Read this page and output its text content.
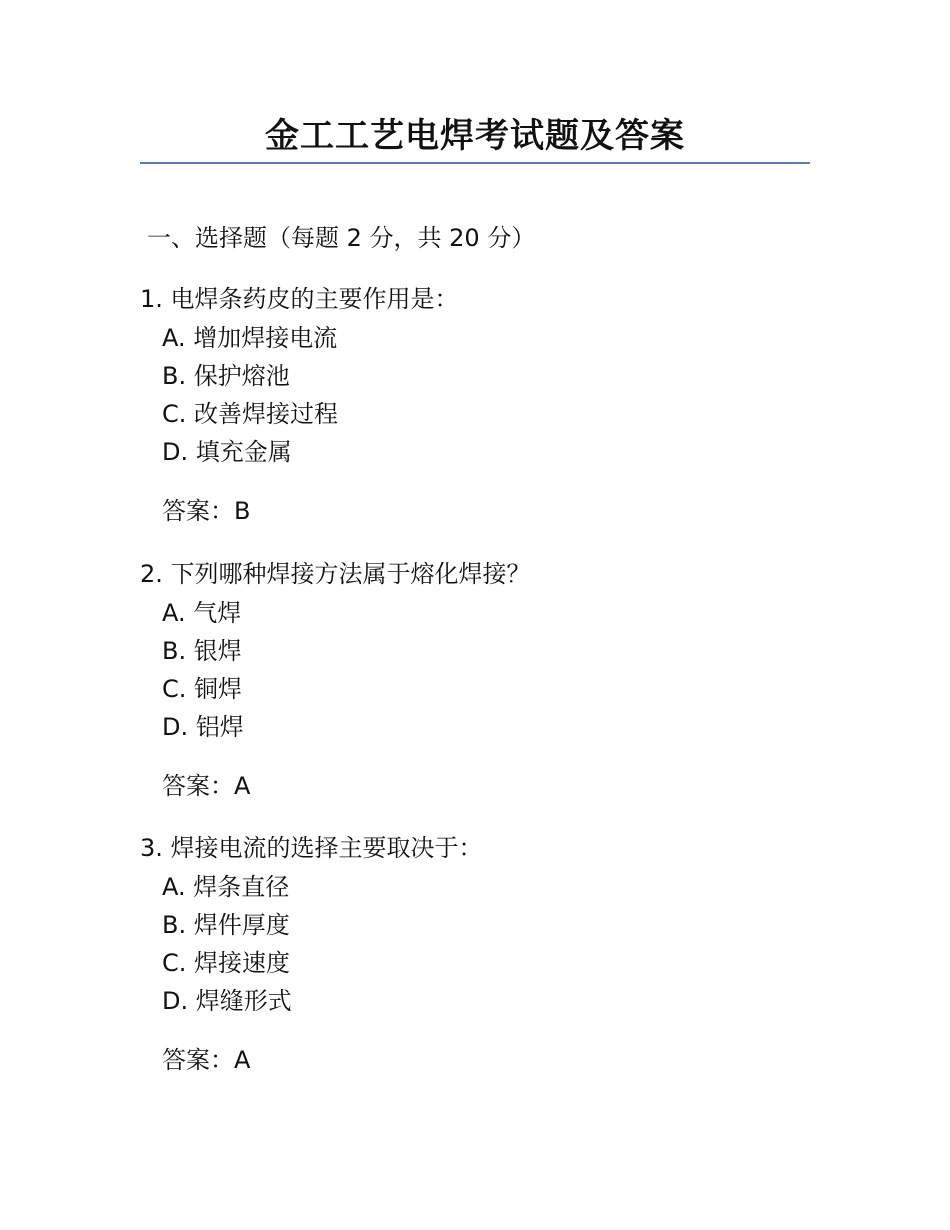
金工工艺电焊考试题及答案
一、选择题（每题 2 分，共 20 分）

1. 电焊条药皮的主要作用是：

A. 增加焊接电流
B. 保护熔池
C. 改善焊接过程
D. 填充金属

答案：B

2. 下列哪种焊接方法属于熔化焊接？

A. 气焊
B. 银焊
C. 铜焊
D. 铝焊

答案：A

3. 焊接电流的选择主要取决于：

A. 焊条直径
B. 焊件厚度
C. 焊接速度
D. 焊缝形式

答案：A
